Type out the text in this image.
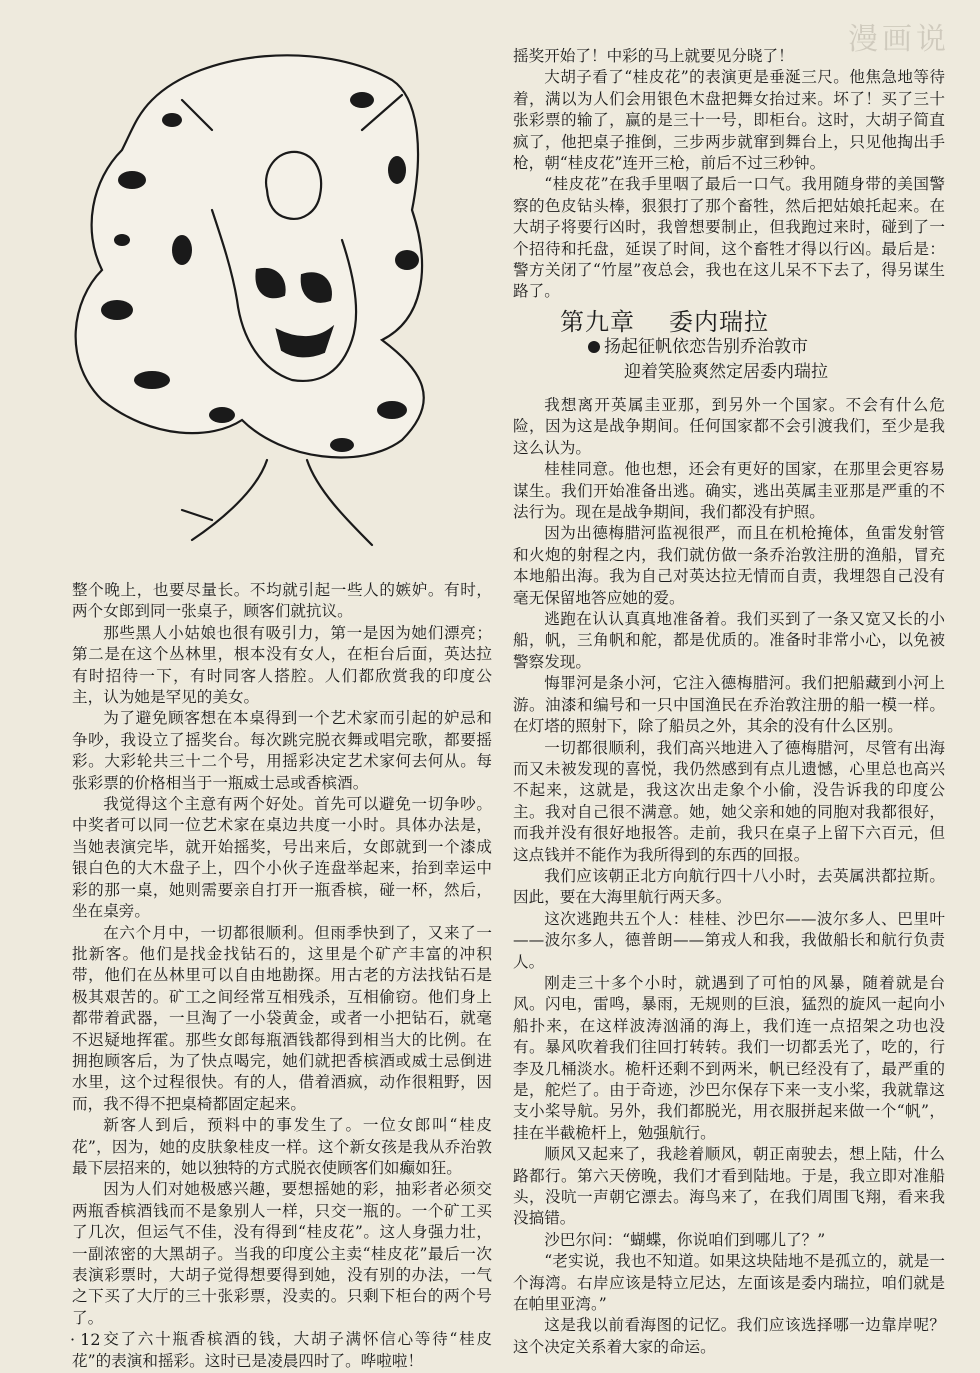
漫画说

整个晚上，也要尽量长。不均就引起一些人的嫉妒。有时，两个女郎到同一张桌子，顾客们就抗议。

那些黑人小姑娘也很有吸引力，第一是因为她们漂亮；第二是在这个丛林里，根本没有女人，在柜台后面，英达拉有时招待一下，有时同客人搭腔。人们都欣赏我的印度公主，认为她是罕见的美女。

为了避免顾客想在本桌得到一个艺术家而引起的妒忌和争吵，我设立了摇奖台。每次跳完脱衣舞或唱完歌，都要摇彩。大彩轮共三十二个号，用摇彩决定艺术家何去何从。每张彩票的价格相当于一瓶威士忌或香槟酒。

我觉得这个主意有两个好处。首先可以避免一切争吵。中奖者可以同一位艺术家在桌边共度一小时。具体办法是，当她表演完毕，就开始摇奖，号出来后，女郎就到一个漆成银白色的大木盘子上，四个小伙子连盘举起来，抬到幸运中彩的那一桌，她则需要亲自打开一瓶香槟，碰一杯，然后，坐在桌旁。

在六个月中，一切都很顺利。但雨季快到了，又来了一批新客。他们是找金找钻石的，这里是个矿产丰富的冲积带，他们在丛林里可以自由地勘探。用古老的方法找钻石是极其艰苦的。矿工之间经常互相残杀，互相偷窃。他们身上都带着武器，一旦淘了一小袋黄金，或者一小把钻石，就毫不迟疑地挥霍。那些女郎每瓶酒钱都得到相当大的比例。在拥抱顾客后，为了快点喝完，她们就把香槟酒或威士忌倒进水里，这个过程很快。有的人，借着酒疯，动作很粗野，因而，我不得不把桌椅都固定起来。

新客人到后，预料中的事发生了。一位女郎叫“桂皮花”，因为，她的皮肤象桂皮一样。这个新女孩是我从乔治敦最下层招来的，她以独特的方式脱衣使顾客们如癫如狂。

因为人们对她极感兴趣，要想摇她的彩，抽彩者必须交两瓶香槟酒钱而不是象别人一样，只交一瓶的。一个矿工买了几次，但运气不佳，没有得到“桂皮花”。这人身强力壮，一副浓密的大黑胡子。当我的印度公主卖“桂皮花”最后一次表演彩票时，大胡子觉得想要得到她，没有别的办法，一气之下买了大厅的三十张彩票，没卖的。只剩下柜台的两个号了。

交了六十瓶香槟酒的钱，大胡子满怀信心等待“桂皮花”的表演和摇彩。这时已是凌晨四时了。哗啦啦！

摇奖开始了！中彩的马上就要见分晓了！

大胡子看了“桂皮花”的表演更是垂涎三尺。他焦急地等待着，满以为人们会用银色木盘把舞女抬过来。坏了！买了三十张彩票的输了，赢的是三十一号，即柜台。这时，大胡子简直疯了，他把桌子推倒，三步两步就窜到舞台上，只见他掏出手枪，朝“桂皮花”连开三枪，前后不过三秒钟。

“桂皮花”在我手里咽了最后一口气。我用随身带的美国警察的色皮钻头棒，狠狠打了那个畜牲，然后把姑娘托起来。在大胡子将要行凶时，我曾想要制止，但我跑过来时，碰到了一个招待和托盘，延误了时间，这个畜牲才得以行凶。最后是：警方关闭了“竹屋”夜总会，我也在这儿呆不下去了，得另谋生路了。

第九章 委内瑞拉
扬起征帆依恋告别乔治敦市
迎着笑脸爽然定居委内瑞拉

我想离开英属圭亚那，到另外一个国家。不会有什么危险，因为这是战争期间。任何国家都不会引渡我们，至少是我这么认为。

桂桂同意。他也想，还会有更好的国家，在那里会更容易谋生。我们开始准备出逃。确实，逃出英属圭亚那是严重的不法行为。现在是战争期间，我们都没有护照。

因为出德梅腊河监视很严，而且在机枪掩体，鱼雷发射管和火炮的射程之内，我们就仿做一条乔治敦注册的渔船，冒充本地船出海。我为自己对英达拉无情而自责，我埋怨自己没有毫无保留地答应她的爱。

逃跑在认认真真地准备着。我们买到了一条又宽又长的小船，帆，三角帆和舵，都是优质的。准备时非常小心，以免被警察发现。

悔罪河是条小河，它注入德梅腊河。我们把船藏到小河上游。油漆和编号和一只中国渔民在乔治敦注册的船一模一样。在灯塔的照射下，除了船员之外，其余的没有什么区别。

一切都很顺利，我们高兴地进入了德梅腊河，尽管有出海而又未被发现的喜悦，我仍然感到有点儿遗憾，心里总也高兴不起来，这就是，我这次出走象个小偷，没告诉我的印度公主。我对自己很不满意。她，她父亲和她的同胞对我都很好，而我并没有很好地报答。走前，我只在桌子上留下六百元，但这点钱并不能作为我所得到的东西的回报。

我们应该朝正北方向航行四十八小时，去英属洪都拉斯。因此，要在大海里航行两天多。

这次逃跑共五个人：桂桂、沙巴尔——波尔多人、巴里叶——波尔多人，德普朗——第戎人和我，我做船长和航行负责人。

刚走三十多个小时，就遇到了可怕的风暴，随着就是台风。闪电，雷鸣，暴雨，无规则的巨浪，猛烈的旋风一起向小船扑来，在这样波涛汹涌的海上，我们连一点招架之功也没有。暴风吹着我们往回打转转。我们一切都丢光了，吃的，行李及几桶淡水。桅杆还剩不到两米，帆已经没有了，最严重的是，舵烂了。由于奇迹，沙巴尔保存下来一支小桨，我就靠这支小桨导航。另外，我们都脱光，用衣服拼起来做一个“帆”，挂在半截桅杆上，勉强航行。

顺风又起来了，我趁着顺风，朝正南驶去，想上陆，什么路都行。第六天傍晚，我们才看到陆地。于是，我立即对准船头，没吭一声朝它漂去。海鸟来了，在我们周围飞翔，看来我没搞错。

沙巴尔问：“蝴蝶，你说咱们到哪儿了？”

“老实说，我也不知道。如果这块陆地不是孤立的，就是一个海湾。右岸应该是特立尼达，左面该是委内瑞拉，咱们就是在帕里亚湾。”

这是我以前看海图的记忆。我们应该选择哪一边靠岸呢？这个决定关系着大家的命运。

· 12 ·
